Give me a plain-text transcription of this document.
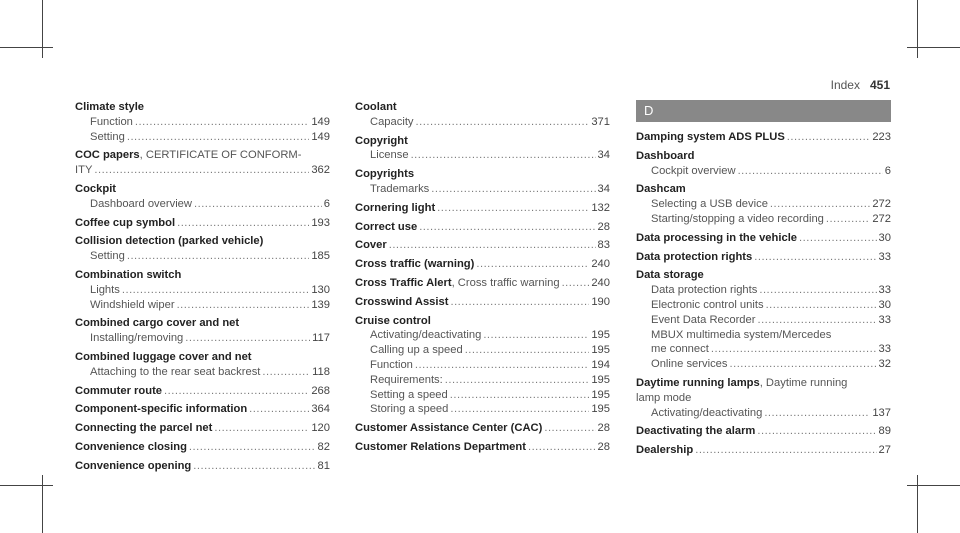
Index 451
Climate style
Function .....	149
Setting .....	149
COC papers, CERTIFICATE OF CONFORM-
ITY .....	362
Cockpit
Dashboard overview .....	6
Coffee cup symbol .....	193
Collision detection (parked vehicle)
Setting .....	185
Combination switch
Lights .....	130
Windshield wiper .....	139
Combined cargo cover and net
Installing/removing .....	117
Combined luggage cover and net
Attaching to the rear seat backrest .....	118
Commuter route .....	268
Component-specific information .....	364
Connecting the parcel net .....	120
Convenience closing .....	82
Convenience opening .....	81
Coolant
Capacity .....	371
Copyright
License .....	34
Copyrights
Trademarks .....	34
Cornering light .....	132
Correct use .....	28
Cover .....	83
Cross traffic (warning) .....	240
Cross Traffic Alert, Cross traffic warning .....	240
Crosswind Assist .....	190
Cruise control
Activating/deactivating .....	195
Calling up a speed .....	195
Function .....	194
Requirements: .....	195
Setting a speed .....	195
Storing a speed .....	195
Customer Assistance Center (CAC) .....	28
Customer Relations Department .....	28
D
Damping system ADS PLUS .....	223
Dashboard
Cockpit overview .....	6
Dashcam
Selecting a USB device .....	272
Starting/stopping a video recording .....	272
Data processing in the vehicle .....	30
Data protection rights .....	33
Data storage
Data protection rights .....	33
Electronic control units .....	30
Event Data Recorder .....	33
MBUX multimedia system/Mercedes
me connect .....	33
Online services .....	32
Daytime running lamps, Daytime running
lamp mode
Activating/deactivating .....	137
Deactivating the alarm .....	89
Dealership .....	27
